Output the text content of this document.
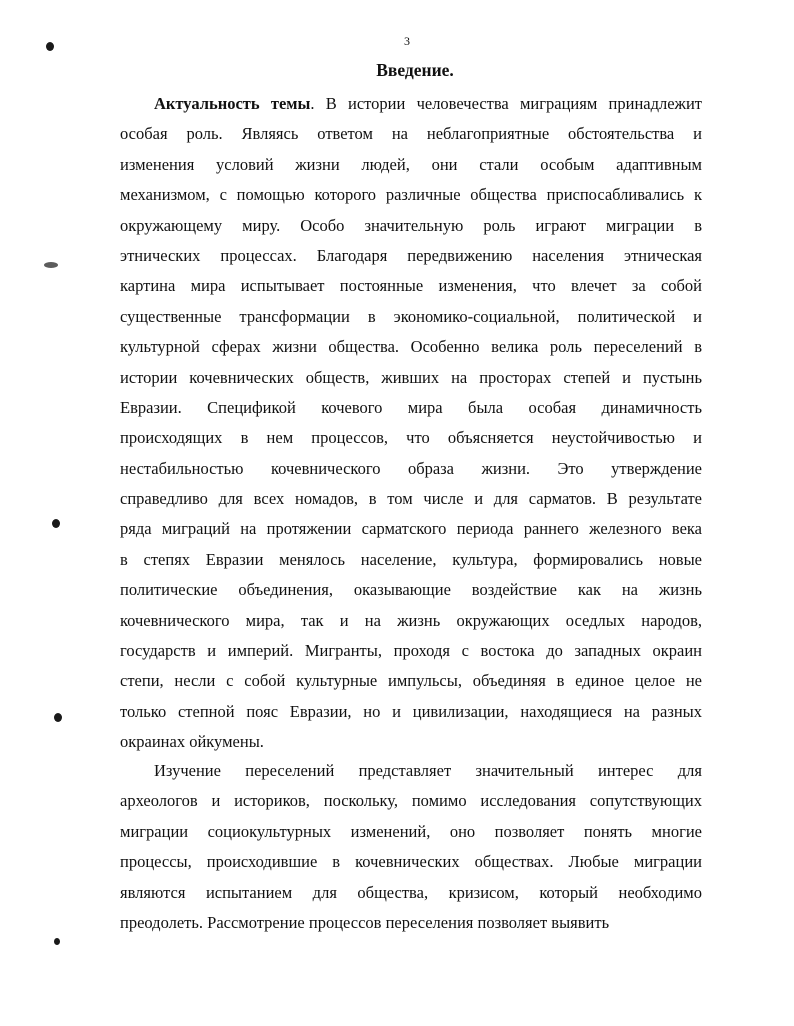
3
Введение.
Актуальность темы. В истории человечества миграциям принадлежит
особая роль. Являясь ответом на неблагоприятные обстоятельства и
изменения условий жизни людей, они стали особым адаптивным
механизмом, с помощью которого различные общества приспосабливались к
окружающему миру. Особо значительную роль играют миграции в
этнических процессах. Благодаря передвижению населения этническая
картина мира испытывает постоянные изменения, что влечет за собой
существенные трансформации в экономико-социальной, политической и
культурной сферах жизни общества. Особенно велика роль переселений в
истории кочевнических обществ, живших на просторах степей и пустынь
Евразии. Спецификой кочевого мира была особая динамичность
происходящих в нем процессов, что объясняется неустойчивостью и
нестабильностью кочевнического образа жизни. Это утверждение
справедливо для всех номадов, в том числе и для сарматов. В результате
ряда миграций на протяжении сарматского периода раннего железного века
в степях Евразии менялось население, культура, формировались новые
политические объединения, оказывающие воздействие как на жизнь
кочевнического мира, так и на жизнь окружающих оседлых народов,
государств и империй. Мигранты, проходя с востока до западных окраин
степи, несли с собой культурные импульсы, объединяя в единое целое не
только степной пояс Евразии, но и цивилизации, находящиеся на разных
окраинах ойкумены.
Изучение переселений представляет значительный интерес для
археологов и историков, поскольку, помимо исследования сопутствующих
миграции социокультурных изменений, оно позволяет понять многие
процессы, происходившие в кочевнических обществах. Любые миграции
являются испытанием для общества, кризисом, который необходимо
преодолеть. Рассмотрение процессов переселения позволяет выявить
